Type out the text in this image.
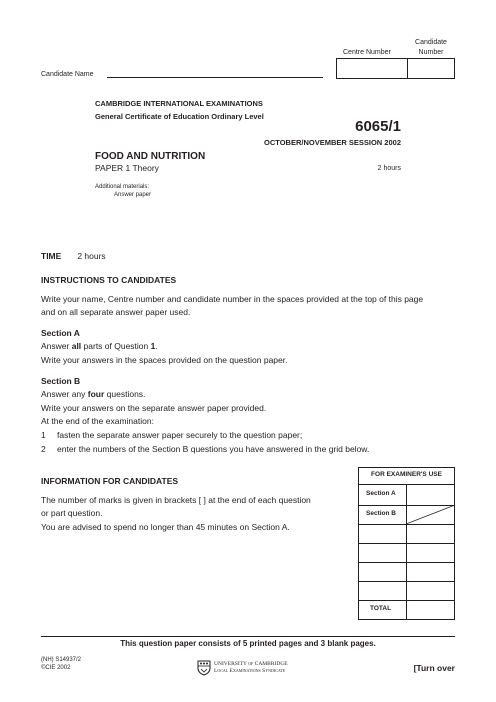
Centre Number
Candidate
Number
Candidate Name
CAMBRIDGE INTERNATIONAL EXAMINATIONS
General Certificate of Education Ordinary Level
6065/1
OCTOBER/NOVEMBER SESSION 2002
FOOD AND NUTRITION
PAPER 1 Theory	2 hours
Additional materials:
Answer paper
TIME 2 hours
INSTRUCTIONS TO CANDIDATES
Write your name, Centre number and candidate number in the spaces provided at the top of this page
and on all separate answer paper used.
Section A
Answer all parts of Question 1.
Write your answers in the spaces provided on the question paper.
Section B
Answer any four questions.
Write your answers on the separate answer paper provided.
At the end of the examination:
1 fasten the separate answer paper securely to the question paper;
2 enter the numbers of the Section B questions you have answered in the grid below.
INFORMATION FOR CANDIDATES
The number of marks is given in brackets [ ] at the end of each question
or part question.
You are advised to spend no longer than 45 minutes on Section A.
FOR EXAMINER'S USE
Section A
Section B
TOTAL
This question paper consists of 5 printed pages and 3 blank pages.
(NH) S14937/2
©CIE 2002
UNIVERSITY of CAMBRIDGE
Local Examinations Syndicate	[Turn over
